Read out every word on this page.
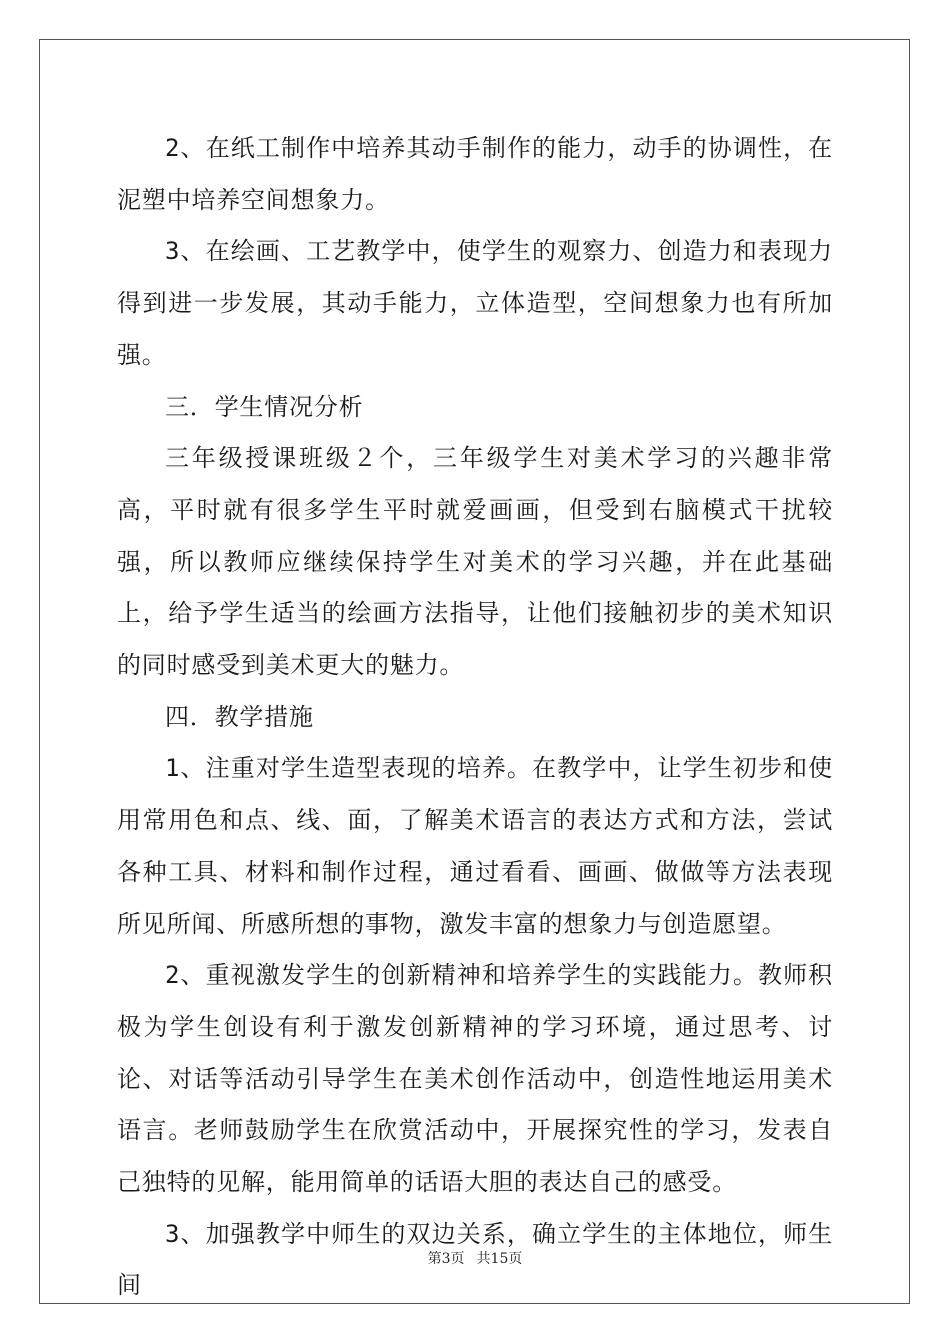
2、在纸工制作中培养其动手制作的能力，动手的协调性，在泥塑中培养空间想象力。

3、在绘画、工艺教学中，使学生的观察力、创造力和表现力得到进一步发展，其动手能力，立体造型，空间想象力也有所加强。

三．学生情况分析

三年级授课班级２个，三年级学生对美术学习的兴趣非常高，平时就有很多学生平时就爱画画，但受到右脑模式干扰较强，所以教师应继续保持学生对美术的学习兴趣，并在此基础上，给予学生适当的绘画方法指导，让他们接触初步的美术知识的同时感受到美术更大的魅力。

四．教学措施

1、注重对学生造型表现的培养。在教学中，让学生初步和使用常用色和点、线、面，了解美术语言的表达方式和方法，尝试各种工具、材料和制作过程，通过看看、画画、做做等方法表现所见所闻、所感所想的事物，激发丰富的想象力与创造愿望。

2、重视激发学生的创新精神和培养学生的实践能力。教师积极为学生创设有利于激发创新精神的学习环境，通过思考、讨论、对话等活动引导学生在美术创作活动中，创造性地运用美术语言。老师鼓励学生在欣赏活动中，开展探究性的学习，发表自己独特的见解，能用简单的话语大胆的表达自己的感受。

3、加强教学中师生的双边关系，确立学生的主体地位，师生间

第3页 共15页
